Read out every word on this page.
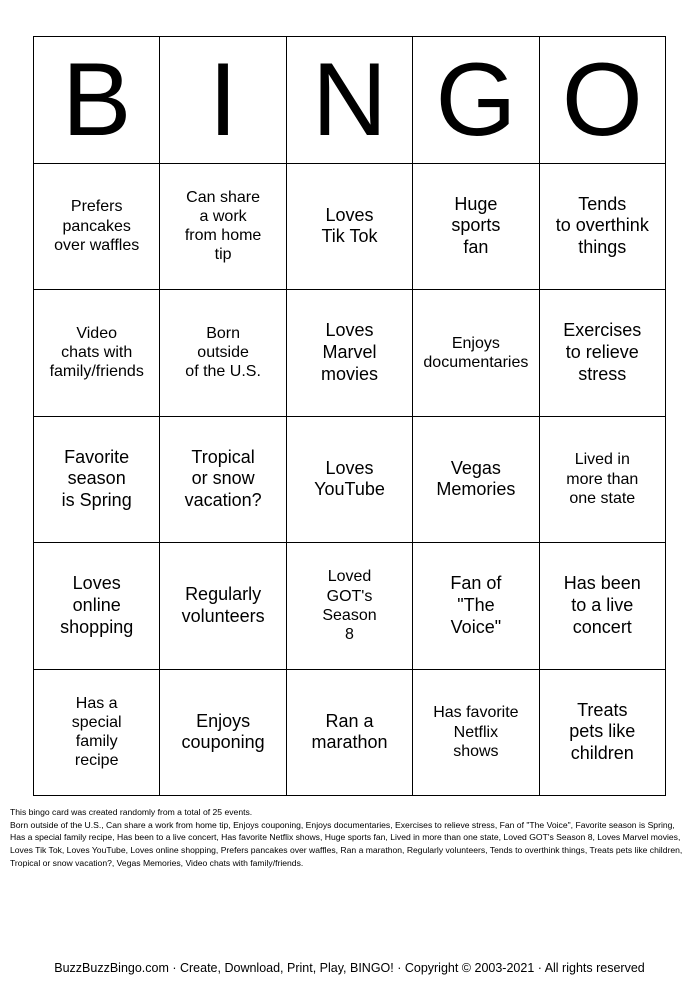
B I N G O
Prefers
pancakes
over waffles
Can share
a work
from home
tip
Loves
Tik Tok
Huge
sports
fan
Tends
to overthink
things
Video
chats with
family/friends
Born
outside
of the U.S.
Loves
Marvel
movies
Enjoys
documentaries
Exercises
to relieve
stress
Favorite
season
is Spring
Tropical
or snow
vacation?
Loves
YouTube
Vegas
Memories
Lived in
more than
one state
Loves
online
shopping
Regularly
volunteers
Loved
GOT's
Season
8
Fan of
"The
Voice"
Has been
to a live
concert
Has a
special
family
recipe
Enjoys
couponing
Ran a
marathon
Has favorite
Netflix
shows
Treats
pets like
children

This bingo card was created randomly from a total of 25 events.

Born outside of the U.S., Can share a work from home tip, Enjoys couponing, Enjoys documentaries, Exercises to relieve stress, Fan of "The Voice", Favorite season is Spring, Has a special family recipe, Has been to a live concert, Has favorite Netflix shows, Huge sports fan, Lived in more than one state, Loved GOT's Season 8, Loves Marvel movies, Loves Tik Tok, Loves YouTube, Loves online shopping, Prefers pancakes over waffles, Ran a marathon, Regularly volunteers, Tends to overthink things, Treats pets like children, Tropical or snow vacation?, Vegas Memories, Video chats with family/friends.

BuzzBuzzBingo.com · Create, Download, Print, Play, BINGO! · Copyright © 2003-2021 · All rights reserved
